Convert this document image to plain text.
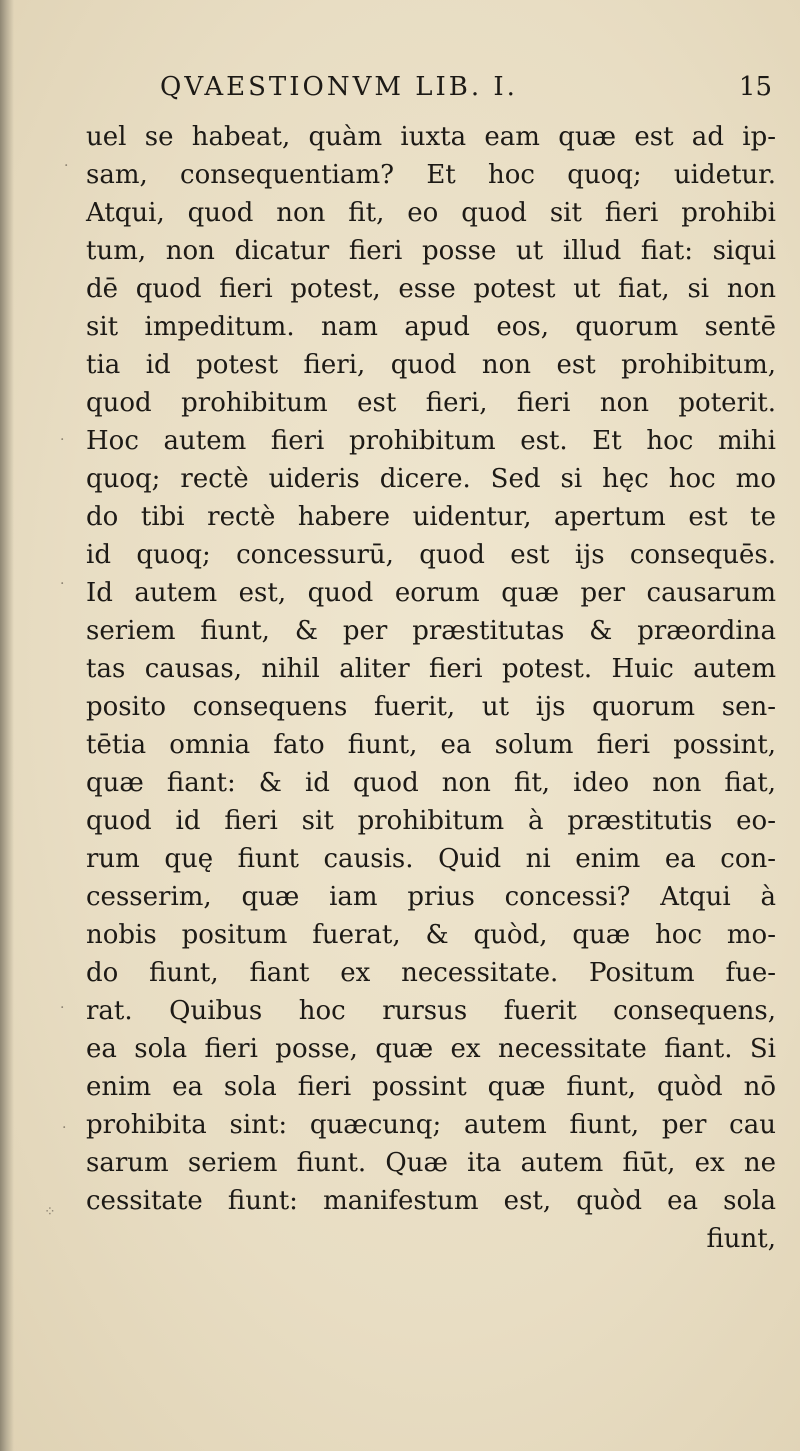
QVAESTIONVM LIB. I.	15
·
·
·
·
·
⁘
uel se habeat, quàm iuxta eam quæ est ad ip-
sam, consequentiam? Et hoc quoq; uidetur.
Atqui, quod non fit, eo quod sit fieri prohibi
tum, non dicatur fieri posse ut illud fiat: siqui
dē quod fieri potest, esse potest ut fiat, si non
sit impeditum. nam apud eos, quorum sentē
tia id potest fieri, quod non est prohibitum,
quod prohibitum est fieri, fieri non poterit.
Hoc autem fieri prohibitum est. Et hoc mihi
quoq; rectè uideris dicere. Sed si hęc hoc mo
do tibi rectè habere uidentur, apertum est te
id quoq; concessurū, quod est ijs consequēs.
Id autem est, quod eorum quæ per causarum
seriem fiunt, & per præstitutas & præordina
tas causas, nihil aliter fieri potest. Huic autem
posito consequens fuerit, ut ijs quorum sen-
tētia omnia fato fiunt, ea solum fieri possint,
quæ fiant: & id quod non fit, ideo non fiat,
quod id fieri sit prohibitum à præstitutis eo-
rum quę fiunt causis. Quid ni enim ea con-
cesserim, quæ iam prius concessi? Atqui à
nobis positum fuerat, & quòd, quæ hoc mo-
do fiunt, fiant ex necessitate. Positum fue-
rat. Quibus hoc rursus fuerit consequens,
ea sola fieri posse, quæ ex necessitate fiant. Si
enim ea sola fieri possint quæ fiunt, quòd nō
prohibita sint: quæcunq; autem fiunt, per cau
sarum seriem fiunt. Quæ ita autem fiūt, ex ne
cessitate fiunt: manifestum est, quòd ea sola
fiunt,
